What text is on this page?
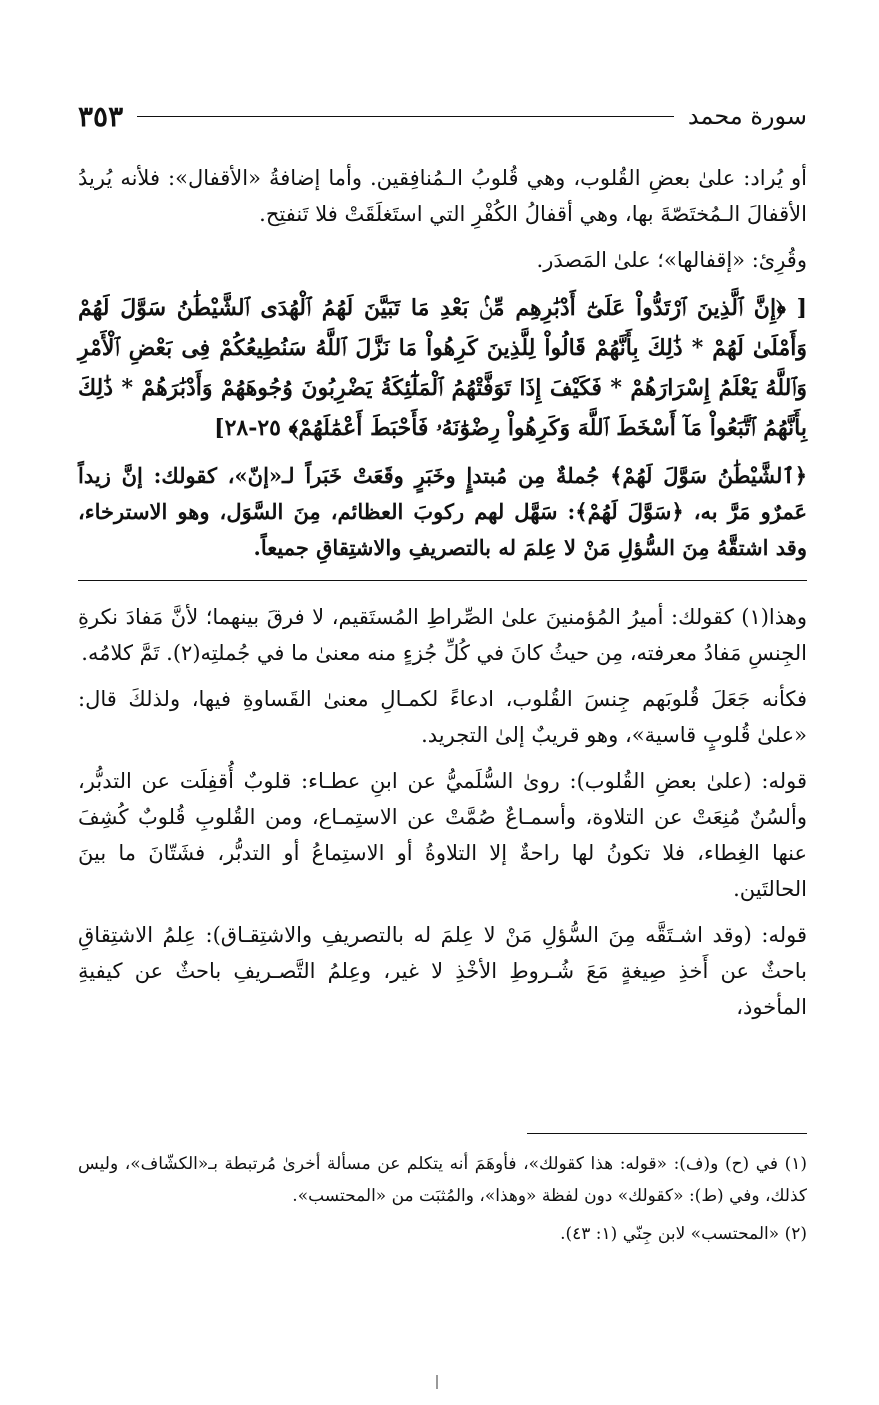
سورة محمد
٣٥٣

أو يُراد: علىٰ بعضِ القُلوب، وهي قُلوبُ الـمُنافِقين. وأما إضافةُ «الأقفال»: فلأنه يُريدُ الأقفالَ الـمُختَصّةَ بها، وهي أقفالُ الكُفْرِ التي استَغلَقَتْ فلا تَنفتِح.

وقُرِئ: «إقفالها»؛ علىٰ المَصدَر.

[ ﴿إِنَّ ٱلَّذِينَ ٱرْتَدُّواْ عَلَىٰٓ أَدْبَٰرِهِم مِّنۢ بَعْدِ مَا تَبَيَّنَ لَهُمُ ٱلْهُدَى ٱلشَّيْطَٰنُ سَوَّلَ لَهُمْ وَأَمْلَىٰ لَهُمْ * ذَٰلِكَ بِأَنَّهُمْ قَالُواْ لِلَّذِينَ كَرِهُواْ مَا نَزَّلَ ٱللَّهُ سَنُطِيعُكُمْ فِى بَعْضِ ٱلْأَمْرِ وَٱللَّهُ يَعْلَمُ إِسْرَارَهُمْ * فَكَيْفَ إِذَا تَوَفَّتْهُمُ ٱلْمَلَٰٓئِكَةُ يَضْرِبُونَ وُجُوهَهُمْ وَأَدْبَٰرَهُمْ * ذَٰلِكَ بِأَنَّهُمُ ٱتَّبَعُواْ مَآ أَسْخَطَ ٱللَّهَ وَكَرِهُواْ رِضْوَٰنَهُۥ فَأَحْبَطَ أَعْمَٰلَهُمْ﴾ ٢٥-٢٨]

﴿ٱلشَّيْطَٰنُ سَوَّلَ لَهُمْ﴾ جُملةٌ مِن مُبتدإٍ وخَبَرٍ وقَعَتْ خَبَراً لـ«إنّ»، كقولك: إنَّ زيداً عَمرٌو مَرَّ به، ﴿سَوَّلَ لَهُمْ﴾: سَهَّل لهم ركوبَ العظائم، مِنَ السَّوَل، وهو الاسترخاء، وقد اشتقَّهُ مِنَ السُّؤلِ مَنْ لا عِلمَ له بالتصريفِ والاشتِقاقِ جميعاً.

وهذا(١) كقولك: أميرُ المُؤمنينَ علىٰ الصِّراطِ المُستَقيم، لا فرقَ بينهما؛ لأنَّ مَفادَ نكرةِ الجِنسِ مَفادُ معرفته، مِن حيثُ كانَ في كُلِّ جُزءٍ منه معنىٰ ما في جُملتِه(٢). تَمَّ كلامُه.

فكأنه جَعَلَ قُلوبَهم جِنسَ القُلوب، ادعاءً لكمـالِ معنىٰ القَساوةِ فيها، ولذلكَ قال: «علىٰ قُلوبٍ قاسية»، وهو قريبٌ إلىٰ التجريد.

قوله: (علىٰ بعضِ القُلوب): روىٰ السُّلَميُّ عن ابنِ عطـاء: قلوبٌ أُقفِلَت عن التدبُّر، وألسُنٌ مُنِعَتْ عن التلاوة، وأسمـاعٌ صُمَّتْ عن الاستِمـاع، ومن القُلوبِ قُلوبٌ كُشِفَ عنها الغِطاء، فلا تكونُ لها راحةٌ إلا التلاوةُ أو الاستِماعُ أو التدبُّر، فشَتّانَ ما بينَ الحالتَين.

قوله: (وقد اشـتَقَّه مِنَ السُّؤلِ مَنْ لا عِلمَ له بالتصريفِ والاشتِقـاق): عِلمُ الاشتِقاقِ باحثٌ عن أَخذِ صِيغةٍ مَعَ شُـروطِ الأخْذِ لا غير، وعِلمُ التَّصـريفِ باحثٌ عن كيفيةِ المأخوذ،

(١) في (ح) و(ف): «قوله: هذا كقولك»، فأوهَمَ أنه يتكلم عن مسألة أخرىٰ مُرتبطة بـ«الكشّاف»، وليس كذلك، وفي (ط): «كقولك» دون لفظة «وهذا»، والمُثبَت من «المحتسب».

(٢) «المحتسب» لابن جِنّي (١: ٤٣).
